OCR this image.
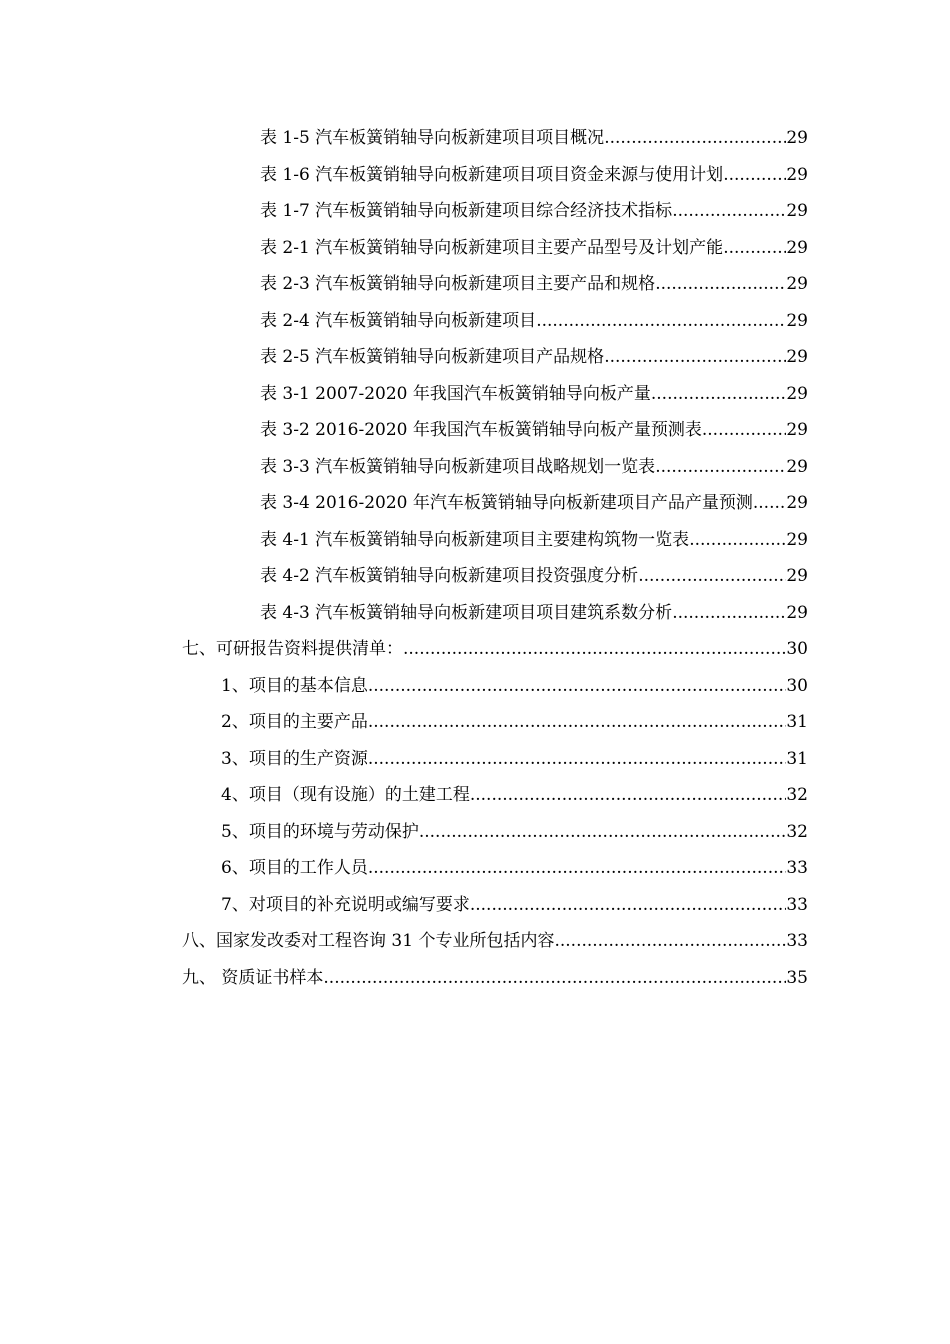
表 1-5 汽车板簧销轴导向板新建项目项目概况 .....	29
表 1-6 汽车板簧销轴导向板新建项目项目资金来源与使用计划 .....	29
表 1-7 汽车板簧销轴导向板新建项目综合经济技术指标 .....	29
表 2-1 汽车板簧销轴导向板新建项目主要产品型号及计划产能 .....	29
表 2-3 汽车板簧销轴导向板新建项目主要产品和规格 .....	29
表 2-4 汽车板簧销轴导向板新建项目 .....	29
表 2-5 汽车板簧销轴导向板新建项目产品规格 .....	29
表 3-1 2007-2020 年我国汽车板簧销轴导向板产量 .....	29
表 3-2 2016-2020 年我国汽车板簧销轴导向板产量预测表 .....	29
表 3-3 汽车板簧销轴导向板新建项目战略规划一览表 .....	29
表 3-4 2016-2020 年汽车板簧销轴导向板新建项目产品产量预测 ..... 29
表 4-1 汽车板簧销轴导向板新建项目主要建构筑物一览表 .....	29
表 4-2 汽车板簧销轴导向板新建项目投资强度分析 .....	29
表 4-3 汽车板簧销轴导向板新建项目项目建筑系数分析 .....	29
七、可研报告资料提供清单： .....	30
1、项目的基本信息 .....	30
2、项目的主要产品 .....	31
3、项目的生产资源 .....	31
4、项目（现有设施）的土建工程 .....	32
5、项目的环境与劳动保护 .....	32
6、项目的工作人员 .....	33
7、对项目的补充说明或编写要求 .....	33
八、国家发改委对工程咨询 31 个专业所包括内容 .....	33
九、 资质证书样本 .....	35
